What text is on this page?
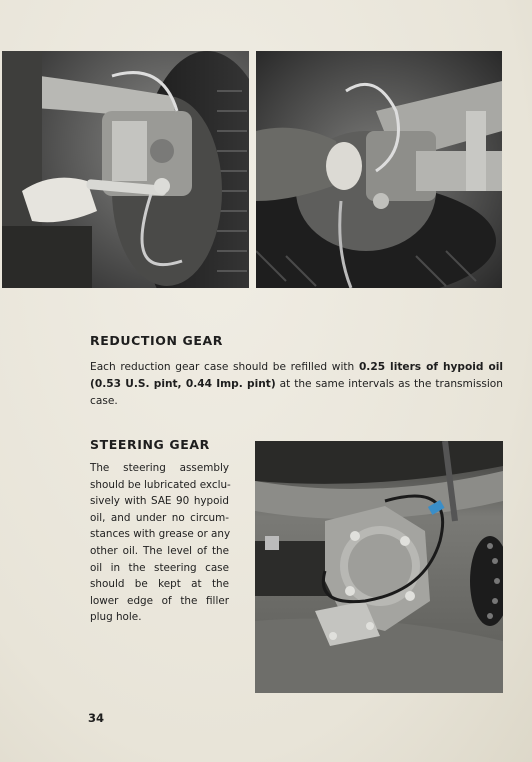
REDUCTION GEAR

Each reduction gear case should be refilled with 0.25 liters of hypoid oil (0.53 U.S. pint, 0.44 Imp. pint) at the same intervals as the transmission case.

STEERING GEAR

The steering assembly
should be lubricated exclu-
sively with SAE 90 hypoid
oil, and under no circum-
stances with grease or any
other oil. The level of the
oil in the steering case
should be kept at the
lower edge of the filler
plug hole.

34
